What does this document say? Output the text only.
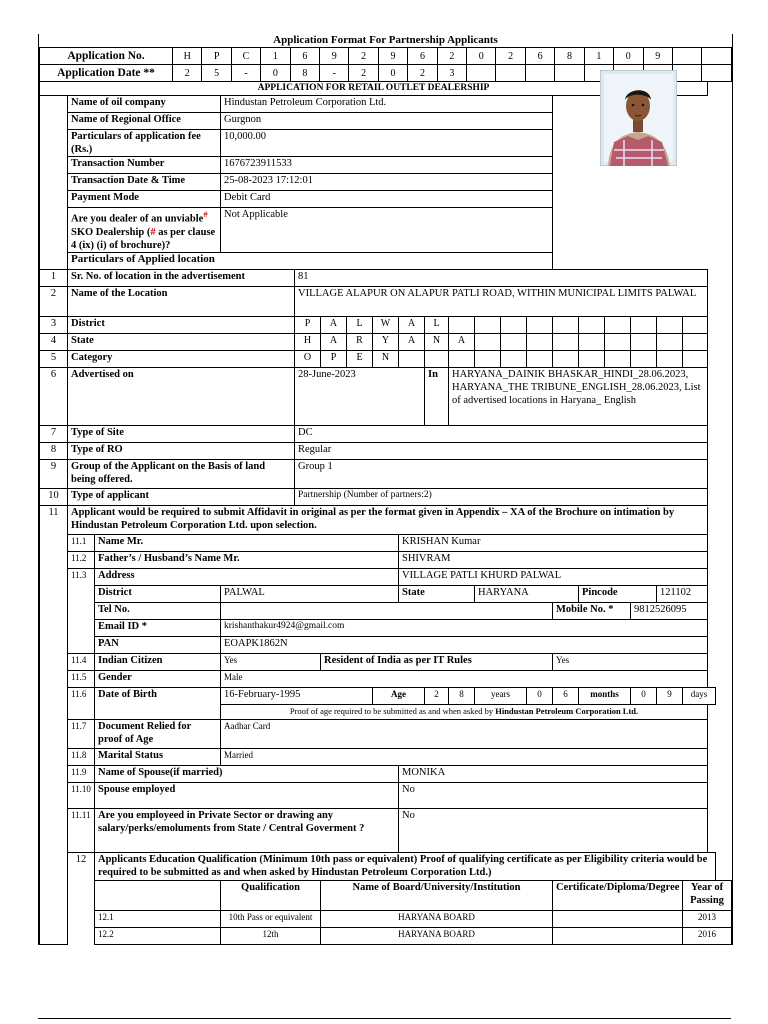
Application Format For Partnership Applicants																			
Application No.	H	P	C	1	6	9	2	9	6	2	0	2	6	8	1	0	9		
Application Date **	2	5	-	0	8	-	2	0	2	3									
APPLICATION FOR RETAIL OUTLET DEALERSHIP																			
	Name of oil company		Hindustan Petroleum Corporation Ltd.																
	Name of Regional Office		Gurgnon																
	Particulars of application fee (Rs.)		10,000.00																
	Transaction Number		1676723911533																
	Transaction Date & Time		25-08-2023 17:12:01																
	Payment Mode		Debit Card																
	Are you dealer of an unviable# SKO Dealership (# as per clause 4 (ix) (i) of brochure)?		Not Applicable																
	Particulars of Applied location																		
1	Sr. No. of location in the advertisement			81															
2	Name of the Location			VILLAGE ALAPUR ON ALAPUR PATLI ROAD, WITHIN MUNICIPAL LIMITS PALWAL															
3	District			P	A	L	W	A	L										
4	State			H	A	R	Y	A	N	A									
5	Category			O	P	E	N												
6	Advertised on			28-June-2023					In	HARYANA_DAINIK BHASKAR_HINDI_28.06.2023, HARYANA_THE TRIBUNE_ENGLISH_28.06.2023, List of advertised locations in Haryana_ English									
7	Type of Site			DC															
8	Type of RO			Regular															
9	Group of the Applicant on the Basis of land being offered.			Group 1															
10	Type of applicant			Partnership (Number of partners:2)															
11	Applicant would be required to submit Affidavit in original as per the format given in Appendix – XA of the Brochure on intimation by Hindustan Petroleum Corporation Ltd. upon selection.																		
	11.1	Name Mr.						KRISHAN Kumar											
	11.2	Father’s / Husband’s Name Mr.						SHIVRAM											
	11.3	Address						VILLAGE PATLI KHURD PALWAL											
		District	PALWAL					State			HARYANA				Pincode			121102	
		Tel No.												Mobile No. *			9812526095		
		Email ID *	krishanthakur4924@gmail.com																
		PAN	EOAPK1862N																
	11.4	Indian Citizen	Yes		Resident of India as per IT Rules									Yes					
	11.5	Gender	Male																
	11.6	Date of Birth	16-February-1995				Age		2	8	years		0	6	months		0	9	days
			Proof of age required to be submitted as and when asked by Hindustan Petroleum Corporation Ltd.																
	11.7	Document Relied for proof of Age	Aadhar Card																
	11.8	Marital Status	Married																
	11.9	Name of Spouse(if married)						MONIKA											
	11.10	Spouse employed						No											
	11.11	Are you employeed in Private Sector or drawing any salary/perks/emoluments from State / Central Goverment ?						No											
	12	Applicants Education Qualification (Minimum 10th pass or equivalent) Proof of qualifying certificate as per Eligibility criteria would be required to be submitted as and when asked by Hindustan Petroleum Corporation Ltd.)																	
			Qualification		Name of Board/University/Institution									Certificate/Diploma/Degree					Year of Passing
		12.1	10th Pass or equivalent		HARYANA BOARD														2013
		12.2	12th		HARYANA BOARD														2016
